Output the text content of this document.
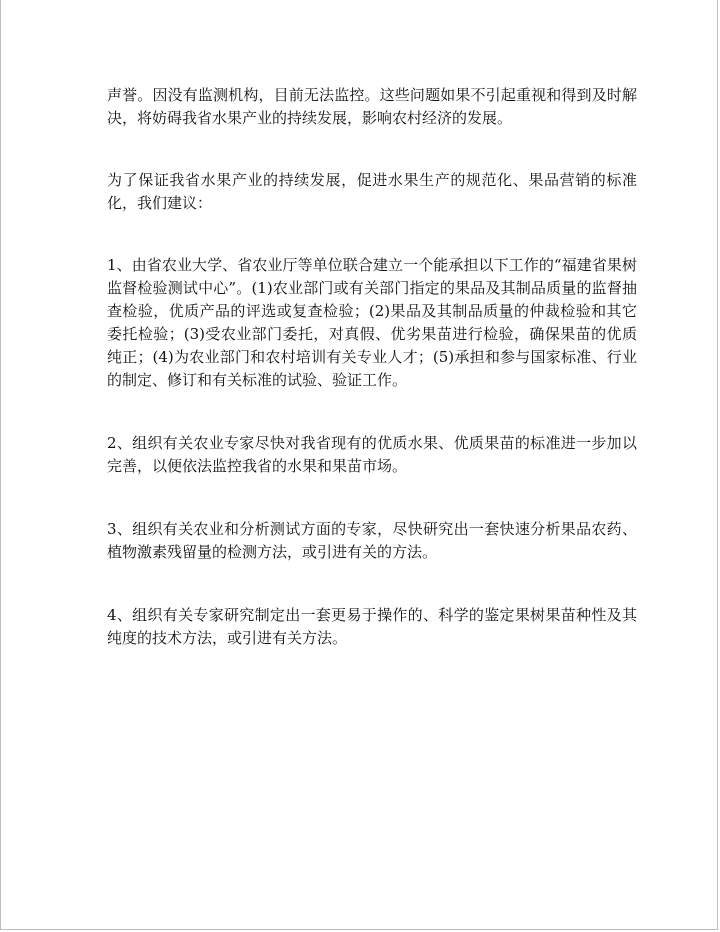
声誉。因没有监测机构，目前无法监控。这些问题如果不引起重视和得到及时解决，将妨碍我省水果产业的持续发展，影响农村经济的发展。

为了保证我省水果产业的持续发展，促进水果生产的规范化、果品营销的标准化，我们建议：

1、由省农业大学、省农业厅等单位联合建立一个能承担以下工作的“福建省果树监督检验测试中心”。(1)农业部门或有关部门指定的果品及其制品质量的监督抽查检验，优质产品的评选或复查检验；(2)果品及其制品质量的仲裁检验和其它委托检验；(3)受农业部门委托，对真假、优劣果苗进行检验，确保果苗的优质纯正；(4)为农业部门和农村培训有关专业人才；(5)承担和参与国家标准、行业的制定、修订和有关标准的试验、验证工作。

2、组织有关农业专家尽快对我省现有的优质水果、优质果苗的标准进一步加以完善，以便依法监控我省的水果和果苗市场。

3、组织有关农业和分析测试方面的专家，尽快研究出一套快速分析果品农药、植物激素残留量的检测方法，或引进有关的方法。

4、组织有关专家研究制定出一套更易于操作的、科学的鉴定果树果苗种性及其纯度的技术方法，或引进有关方法。
